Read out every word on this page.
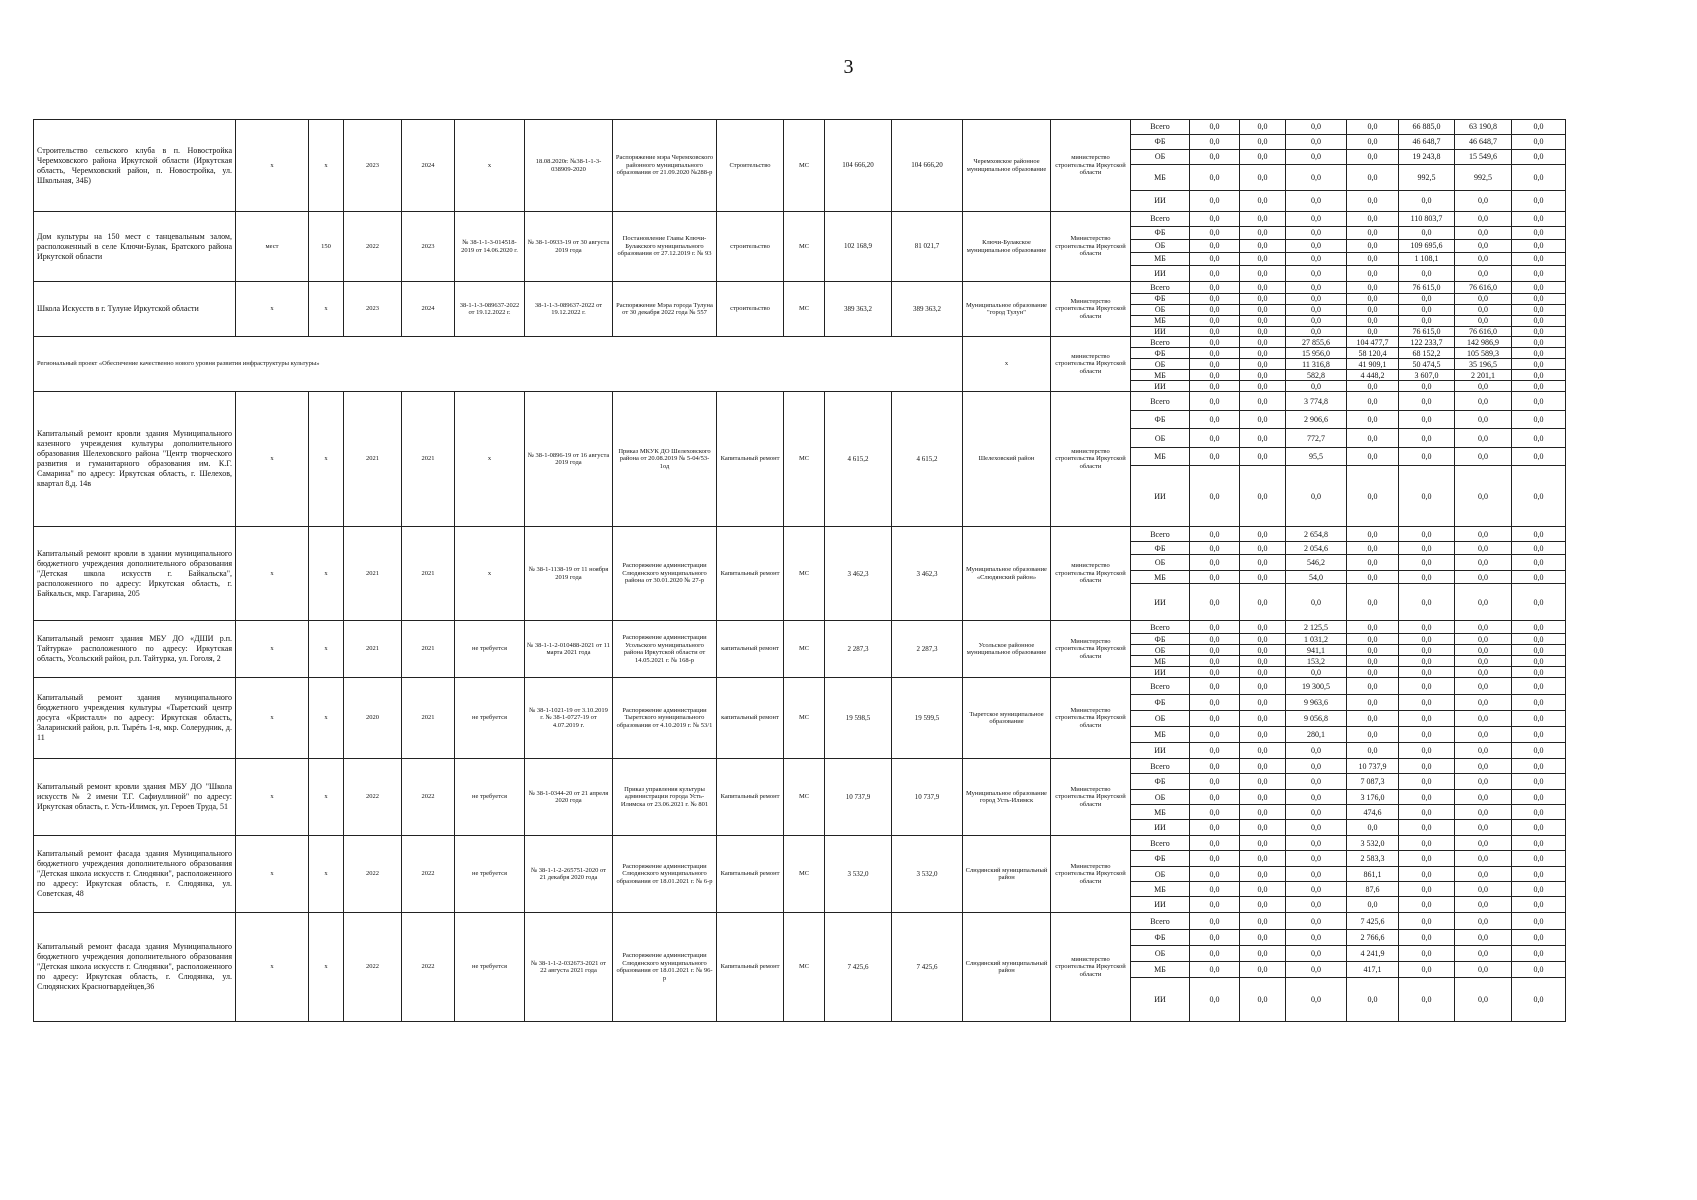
3
Строительство сельского клуба в п. Новостройка Черемховского района Иркутской области (Иркутская область, Черемховский район, п. Новостройка, ул. Школьная, 34Б)	х	х	2023	2024	х	18.08.2020г. №38-1-1-3-038909-2020	Распоряжение мэра Черемховского районного муниципального образования от 21.09.2020 №288-р	Строительство	МС	104 666,20	104 666,20	Черемховское районное муниципальное образование	министерство строительства Иркутской области	Всего	0,0	0,0	0,0	0,0	66 885,0	63 190,8	0,0
														ФБ	0,0	0,0	0,0	0,0	46 648,7	46 648,7	0,0
														ОБ	0,0	0,0	0,0	0,0	19 243,8	15 549,6	0,0
														МБ	0,0	0,0	0,0	0,0	992,5	992,5	0,0
														ИИ	0,0	0,0	0,0	0,0	0,0	0,0	0,0
Дом культуры на 150 мест с танцевальным залом, расположенный в селе Ключи-Булак, Братского района Иркутской области	мест	150	2022	2023	№ 38-1-1-3-014518-2019 от 14.06.2020 г.	№ 38-1-0933-19 от 30 августа 2019 года	Постановление Главы Ключи-Булакского муниципального образования от 27.12.2019 г. № 93	строительство	МС	102 168,9	81 021,7	Ключи-Булакское муниципальное образование	Министерство строительства Иркутской области	Всего	0,0	0,0	0,0	0,0	110 803,7	0,0	0,0
														ФБ	0,0	0,0	0,0	0,0	0,0	0,0	0,0
														ОБ	0,0	0,0	0,0	0,0	109 695,6	0,0	0,0
														МБ	0,0	0,0	0,0	0,0	1 108,1	0,0	0,0
														ИИ	0,0	0,0	0,0	0,0	0,0	0,0	0,0
Школа Искусств в г. Тулуне Иркутской области	х	х	2023	2024	38-1-1-3-089637-2022 от 19.12.2022 г.	38-1-1-3-089637-2022 от 19.12.2022 г.	Распоряжение Мэра города Тулуна от 30 декабря 2022 года № 557	строительство	МС	389 363,2	389 363,2	Муниципальное образование "город Тулун"	Министерство строительства Иркутской области	Всего	0,0	0,0	0,0	0,0	76 615,0	76 616,0	0,0
														ФБ	0,0	0,0	0,0	0,0	0,0	0,0	0,0
														ОБ	0,0	0,0	0,0	0,0	0,0	0,0	0,0
														МБ	0,0	0,0	0,0	0,0	0,0	0,0	0,0
														ИИ	0,0	0,0	0,0	0,0	76 615,0	76 616,0	0,0
Региональный проект «Обеспечение качественно нового уровня развития инфраструктуры культуры»												х	министерство строительства Иркутской области	Всего	0,0	0,0	27 855,6	104 477,7	122 233,7	142 986,9	0,0
														ФБ	0,0	0,0	15 956,0	58 120,4	68 152,2	105 589,3	0,0
														ОБ	0,0	0,0	11 316,8	41 909,1	50 474,5	35 196,5	0,0
														МБ	0,0	0,0	582,8	4 448,2	3 607,0	2 201,1	0,0
														ИИ	0,0	0,0	0,0	0,0	0,0	0,0	0,0
Капитальный ремонт кровли здания Муниципального казенного учреждения культуры дополнительного образования Шелеховского района "Центр творческого развития и гуманитарного образования им. К.Г. Самарина" по адресу: Иркутская область, г. Шелехов, квартал 8,д. 14в	х	х	2021	2021	х	№ 38-1-0896-19 от 16 августа 2019 года	Приказ МКУК ДО Шелеховского района от 20.08.2019 № 5-04/53-1од	Капитальный ремонт	МС	4 615,2	4 615,2	Шелеховский район	министерство строительства Иркутской области	Всего	0,0	0,0	3 774,8	0,0	0,0	0,0	0,0
														ФБ	0,0	0,0	2 906,6	0,0	0,0	0,0	0,0
														ОБ	0,0	0,0	772,7	0,0	0,0	0,0	0,0
														МБ	0,0	0,0	95,5	0,0	0,0	0,0	0,0
														ИИ	0,0	0,0	0,0	0,0	0,0	0,0	0,0
Капитальный ремонт кровли в здании муниципального бюджетного учреждения дополнительного образования "Детская школа искусств г. Байкальска", расположенного по адресу: Иркутская область, г. Байкальск, мкр. Гагарина, 205	х	х	2021	2021	х	№ 38-1-1138-19 от 11 ноября 2019 года	Распоряжение администрации Слюдянского муниципального района от 30.01.2020 № 27-р	Капитальный ремонт	МС	3 462,3	3 462,3	Муниципальное образование «Слюдянский район»	министерство строительства Иркутской области	Всего	0,0	0,0	2 654,8	0,0	0,0	0,0	0,0
														ФБ	0,0	0,0	2 054,6	0,0	0,0	0,0	0,0
														ОБ	0,0	0,0	546,2	0,0	0,0	0,0	0,0
														МБ	0,0	0,0	54,0	0,0	0,0	0,0	0,0
														ИИ	0,0	0,0	0,0	0,0	0,0	0,0	0,0
Капитальный ремонт здания МБУ ДО «ДШИ р.п. Тайтурка» расположенного по адресу: Иркутская область, Усольский район, р.п. Тайтурка, ул. Гоголя, 2	х	х	2021	2021	не требуется	№ 38-1-1-2-010488-2021 от 11 марта 2021 года	Распоряжение администрации Усольского муниципального района Иркутской области от 14.05.2021 г. № 168-р	капитальный ремонт	МС	2 287,3	2 287,3	Усольское районное муниципальное образование	Министерство строительства Иркутской области	Всего	0,0	0,0	2 125,5	0,0	0,0	0,0	0,0
														ФБ	0,0	0,0	1 031,2	0,0	0,0	0,0	0,0
														ОБ	0,0	0,0	941,1	0,0	0,0	0,0	0,0
														МБ	0,0	0,0	153,2	0,0	0,0	0,0	0,0
														ИИ	0,0	0,0	0,0	0,0	0,0	0,0	0,0
Капитальный ремонт здания муниципального бюджетного учреждения культуры «Тыретский центр досуга «Кристалл» по адресу: Иркутская область, Заларинский район, р.п. Тырéть 1-я, мкр. Солерудник, д. 11	х	х	2020	2021	не требуется	№ 38-1-1021-19 от 3.10.2019 г. № 38-1-0727-19 от 4.07.2019 г.	Распоряжение администрации Тыретского муниципального образования от 4.10.2019 г. № 53/1	капитальный ремонт	МС	19 598,5	19 599,5	Тыретское муниципальное образование	Министерство строительства Иркутской области	Всего	0,0	0,0	19 300,5	0,0	0,0	0,0	0,0
														ФБ	0,0	0,0	9 963,6	0,0	0,0	0,0	0,0
														ОБ	0,0	0,0	9 056,8	0,0	0,0	0,0	0,0
														МБ	0,0	0,0	280,1	0,0	0,0	0,0	0,0
														ИИ	0,0	0,0	0,0	0,0	0,0	0,0	0,0
Капитальный ремонт кровли здания МБУ ДО "Школа искусств № 2 имени Т.Г. Сафиуллиной" по адресу: Иркутская область, г. Усть-Илимск, ул. Героев Труда, 51	х	х	2022	2022	не требуется	№ 38-1-0344-20 от 21 апреля 2020 года	Приказ управления культуры администрации города Усть-Илимска от 23.06.2021 г. № 801	Капитальный ремонт	МС	10 737,9	10 737,9	Муниципальное образование город Усть-Илимск	Министерство строительства Иркутской области	Всего	0,0	0,0	0,0	10 737,9	0,0	0,0	0,0
														ФБ	0,0	0,0	0,0	7 087,3	0,0	0,0	0,0
														ОБ	0,0	0,0	0,0	3 176,0	0,0	0,0	0,0
														МБ	0,0	0,0	0,0	474,6	0,0	0,0	0,0
														ИИ	0,0	0,0	0,0	0,0	0,0	0,0	0,0
Капитальный ремонт фасада здания Муниципального бюджетного учреждения дополнительного образования "Детская школа искусств г. Слюдянки", расположенного по адресу: Иркутская область, г. Слюдянка, ул. Советская, 48	х	х	2022	2022	не требуется	№ 38-1-1-2-265751-2020 от 21 декабря 2020 года	Распоряжение администрации Слюдянского муниципального образования от 18.01.2021 г. № 6-р	Капитальный ремонт	МС	3 532,0	3 532,0	Слюдянский муниципальный район	Министерство строительства Иркутской области	Всего	0,0	0,0	0,0	3 532,0	0,0	0,0	0,0
														ФБ	0,0	0,0	0,0	2 583,3	0,0	0,0	0,0
														ОБ	0,0	0,0	0,0	861,1	0,0	0,0	0,0
														МБ	0,0	0,0	0,0	87,6	0,0	0,0	0,0
														ИИ	0,0	0,0	0,0	0,0	0,0	0,0	0,0
Капитальный ремонт фасада здания Муниципального бюджетного учреждения дополнительного образования "Детская школа искусств г. Слюдянки", расположенного по адресу: Иркутская область, г. Слюдянка, ул. Слюдянских Красногвардейцев,36	х	х	2022	2022	не требуется	№ 38-1-1-2-032673-2021 от 22 августа 2021 года	Распоряжение администрации Слюдянского муниципального образования от 18.01.2021 г. № 96-р	Капитальный ремонт	МС	7 425,6	7 425,6	Слюдянский муниципальный район	министерство строительства Иркутской области	Всего	0,0	0,0	0,0	7 425,6	0,0	0,0	0,0
														ФБ	0,0	0,0	0,0	2 766,6	0,0	0,0	0,0
														ОБ	0,0	0,0	0,0	4 241,9	0,0	0,0	0,0
														МБ	0,0	0,0	0,0	417,1	0,0	0,0	0,0
														ИИ	0,0	0,0	0,0	0,0	0,0	0,0	0,0
